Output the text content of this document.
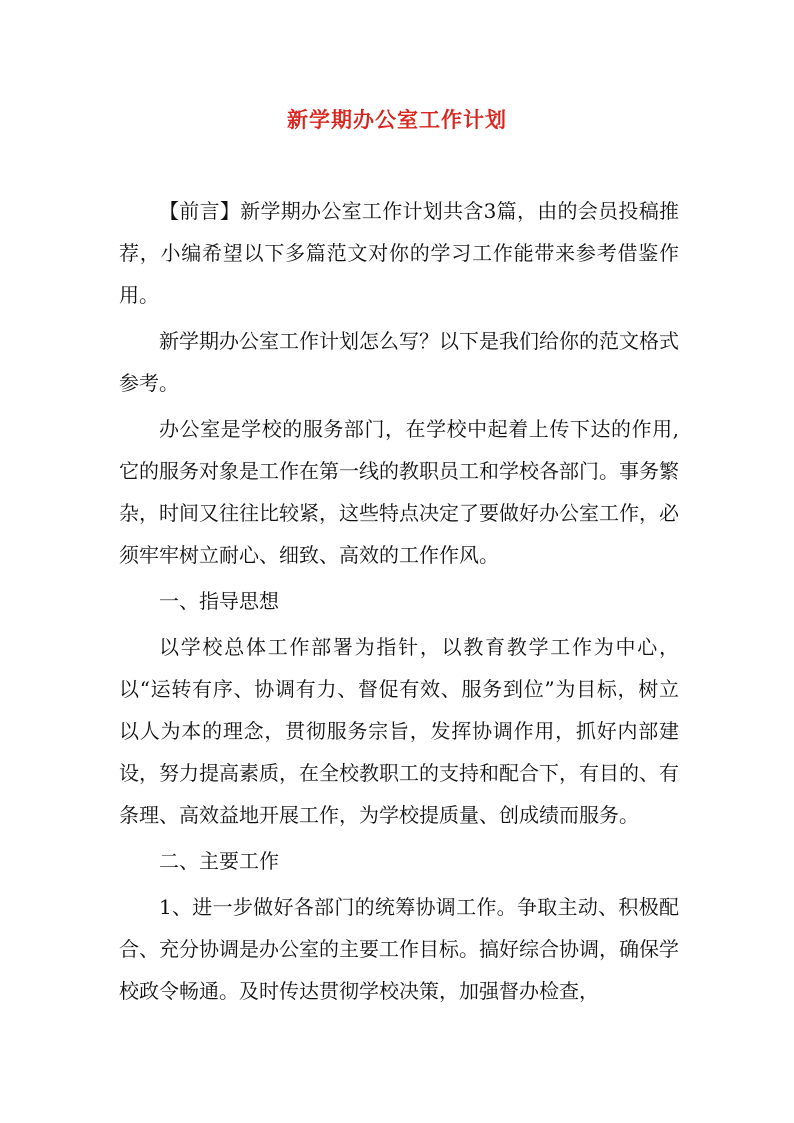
新学期办公室工作计划

【前言】新学期办公室工作计划共含3篇，由的会员投稿推荐，小编希望以下多篇范文对你的学习工作能带来参考借鉴作用。

新学期办公室工作计划怎么写？以下是我们给你的范文格式参考。

办公室是学校的服务部门，在学校中起着上传下达的作用,它的服务对象是工作在第一线的教职员工和学校各部门。事务繁杂，时间又往往比较紧，这些特点决定了要做好办公室工作，必须牢牢树立耐心、细致、高效的工作作风。

一、指导思想

以学校总体工作部署为指针，以教育教学工作为中心，以“运转有序、协调有力、督促有效、服务到位”为目标，树立以人为本的理念，贯彻服务宗旨，发挥协调作用，抓好内部建设，努力提高素质，在全校教职工的支持和配合下，有目的、有条理、高效益地开展工作，为学校提质量、创成绩而服务。

二、主要工作

1、进一步做好各部门的统筹协调工作。争取主动、积极配合、充分协调是办公室的主要工作目标。搞好综合协调，确保学校政令畅通。及时传达贯彻学校决策，加强督办检查，
